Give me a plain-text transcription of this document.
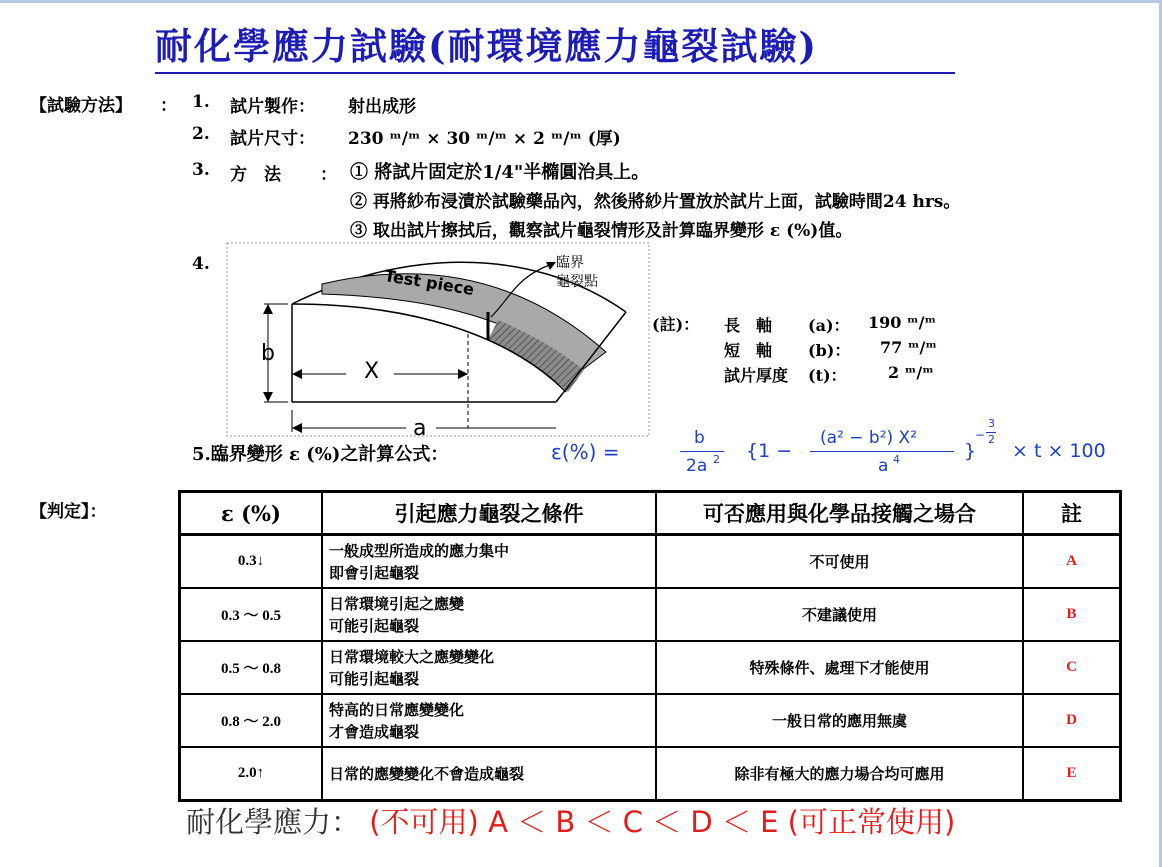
耐化學應力試驗(耐環境應力龜裂試驗)
【試驗方法】 ： 1. 試片製作： 射出成形
2. 試片尺寸： 230 ᵐ/ᵐ × 30 ᵐ/ᵐ × 2 ᵐ/ᵐ (厚)
3. 方　法 ： ① 將試片固定於1/4"半橢圓治具上。
② 再將紗布浸漬於試驗藥品內，然後將紗片置放於試片上面，試驗時間24 hrs。
③ 取出試片擦拭后，觀察試片龜裂情形及計算臨界變形 ε (%)值。
4.
Test piece
臨界
龜裂點
b
X
a
(註)： 長　軸 (a)： 190 ᵐ/ᵐ
短　軸 (b)： 77 ᵐ/ᵐ
試片厚度 (t)：	2 ᵐ/ᵐ
5.臨界變形 ε (%)之計算公式：	ε(%) =
b
2a 2 {1 −
(a² − b²) X²
a 4	}
−
3
2
× t × 100
【判定】：	ε (%)	引起應力龜裂之條件	可否應用與化學品接觸之場合	註
0.3↓	一般成型所造成的應力集中
即會引起龜裂	不可使用	A
0.3 ～ 0.5	日常環境引起之應變
可能引起龜裂	不建議使用	B
0.5 ～ 0.8	日常環境較大之應變變化
可能引起龜裂	特殊條件、處理下才能使用	C
0.8 ～ 2.0	特高的日常應變變化
才會造成龜裂	一般日常的應用無虞	D
2.0↑	日常的應變變化不會造成龜裂	除非有極大的應力場合均可應用	E
耐化學應力： (不可用) A ＜ B ＜ C ＜ D ＜ E (可正常使用)
